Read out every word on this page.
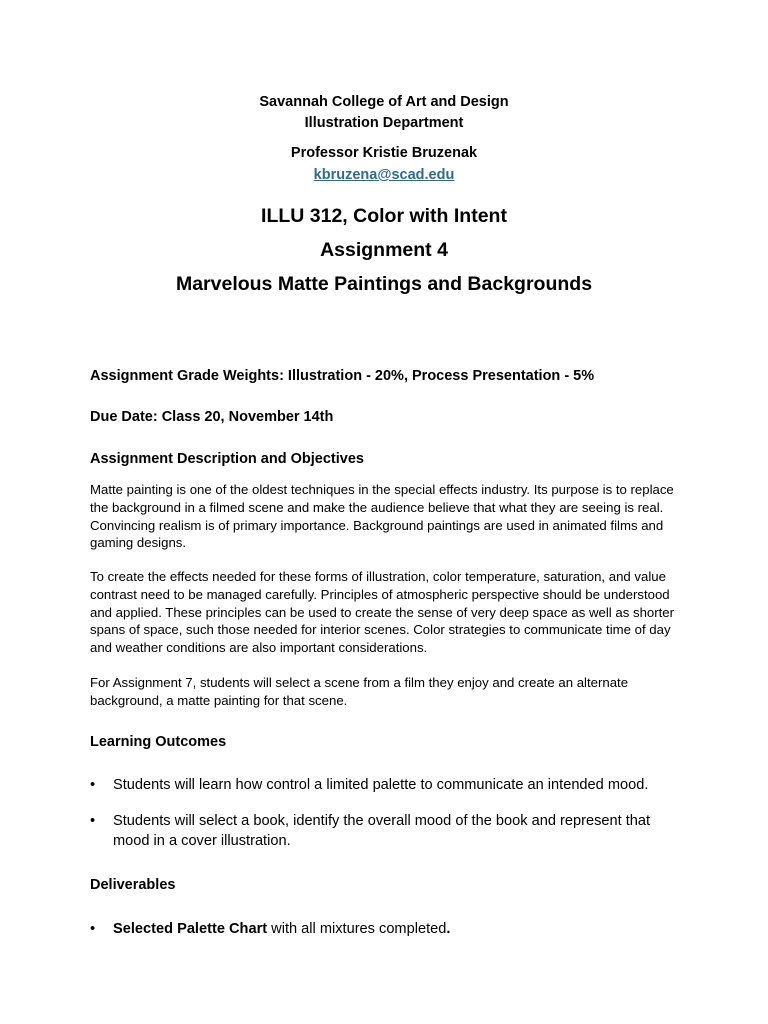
Savannah College of Art and Design
Illustration Department
Professor Kristie Bruzenak
kbruzena@scad.edu
ILLU 312, Color with Intent
Assignment 4
Marvelous Matte Paintings and Backgrounds
Assignment Grade Weights: Illustration - 20%, Process Presentation - 5%
Due Date: Class 20, November 14th
Assignment Description and Objectives
Matte painting is one of the oldest techniques in the special effects industry. Its purpose is to replace the background in a filmed scene and make the audience believe that what they are seeing is real. Convincing realism is of primary importance. Background paintings are used in animated films and gaming designs.
To create the effects needed for these forms of illustration, color temperature, saturation, and value contrast need to be managed carefully. Principles of atmospheric perspective should be understood and applied. These principles can be used to create the sense of very deep space as well as shorter spans of space, such those needed for interior scenes. Color strategies to communicate time of day and weather conditions are also important considerations.
For Assignment 7, students will select a scene from a film they enjoy and create an alternate background, a matte painting for that scene.
Learning Outcomes
• Students will learn how control a limited palette to communicate an intended mood.
• Students will select a book, identify the overall mood of the book and represent that mood in a cover illustration.
Deliverables
• Selected Palette Chart with all mixtures completed.
